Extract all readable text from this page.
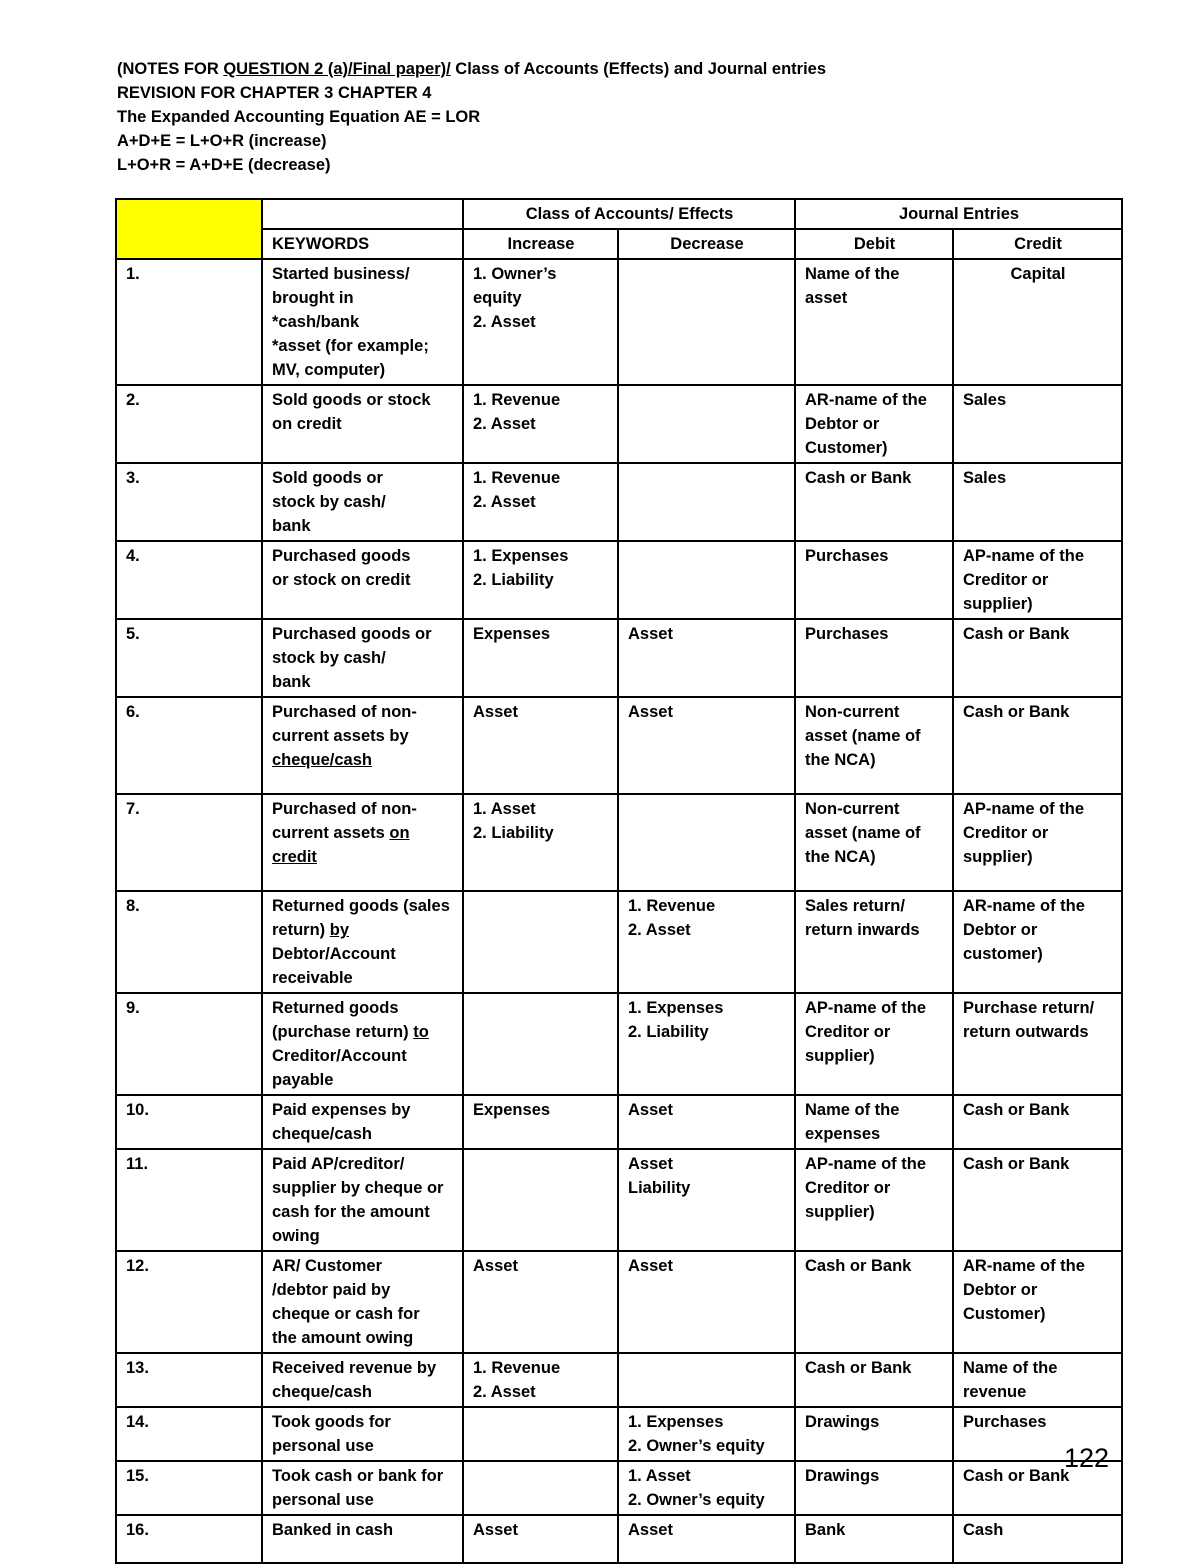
(NOTES FOR QUESTION 2 (a)/Final paper)/ Class of Accounts (Effects) and Journal entries
REVISION FOR CHAPTER 3 CHAPTER 4
The Expanded Accounting Equation AE = LOR
A+D+E = L+O+R (increase)
L+O+R = A+D+E (decrease)
		Class of Accounts/ Effects		Journal Entries	
	KEYWORDS	Increase	Decrease	Debit	Credit
1.	Started business/
brought in
*cash/bank
*asset (for example;
MV, computer)	1. Owner’s
equity
2. Asset		Name of the
asset	Capital

2.	Sold goods or stock
on credit	1. Revenue
2. Asset		AR-name of the
Debtor or
Customer)	Sales

3.	Sold goods or
stock by cash/
bank	1. Revenue
2. Asset		Cash or Bank	Sales

4.	Purchased goods
or stock on credit	1. Expenses
2. Liability		Purchases	AP-name of the
Creditor or
supplier)

5.	Purchased goods or
stock by cash/
bank	Expenses	Asset	Purchases	Cash or Bank

6.	Purchased of non-
current assets by
cheque/cash	Asset	Asset	Non-current
asset (name of
the NCA)	Cash or Bank

7.	Purchased of non-
current assets on
credit	1. Asset
2. Liability		Non-current
asset (name of
the NCA)	AP-name of the
Creditor or
supplier)

8.	Returned goods (sales
return) by
Debtor/Account
receivable		1. Revenue
2. Asset	Sales return/
return inwards	AR-name of the
Debtor or
customer)

9.	Returned goods
(purchase return) to
Creditor/Account
payable		1. Expenses
2. Liability	AP-name of the
Creditor or
supplier)	Purchase return/
return outwards

10.	Paid expenses by
cheque/cash	Expenses	Asset	Name of the
expenses	Cash or Bank

11.	Paid AP/creditor/
supplier by cheque or
cash for the amount
owing		Asset
Liability	AP-name of the
Creditor or
supplier)	Cash or Bank

12.	AR/ Customer
/debtor paid by
cheque or cash for
the amount owing	Asset	Asset	Cash or Bank	AR-name of the
Debtor or
Customer)

13.	Received revenue by
cheque/cash	1. Revenue
2. Asset		Cash or Bank	Name of the
revenue

14.	Took goods for
personal use		1. Expenses
2. Owner’s equity	Drawings	Purchases

15.	Took cash or bank for
personal use		1. Asset
2. Owner’s equity	Drawings	Cash or Bank

16.	Banked in cash	Asset	Asset	Bank	Cash
122
